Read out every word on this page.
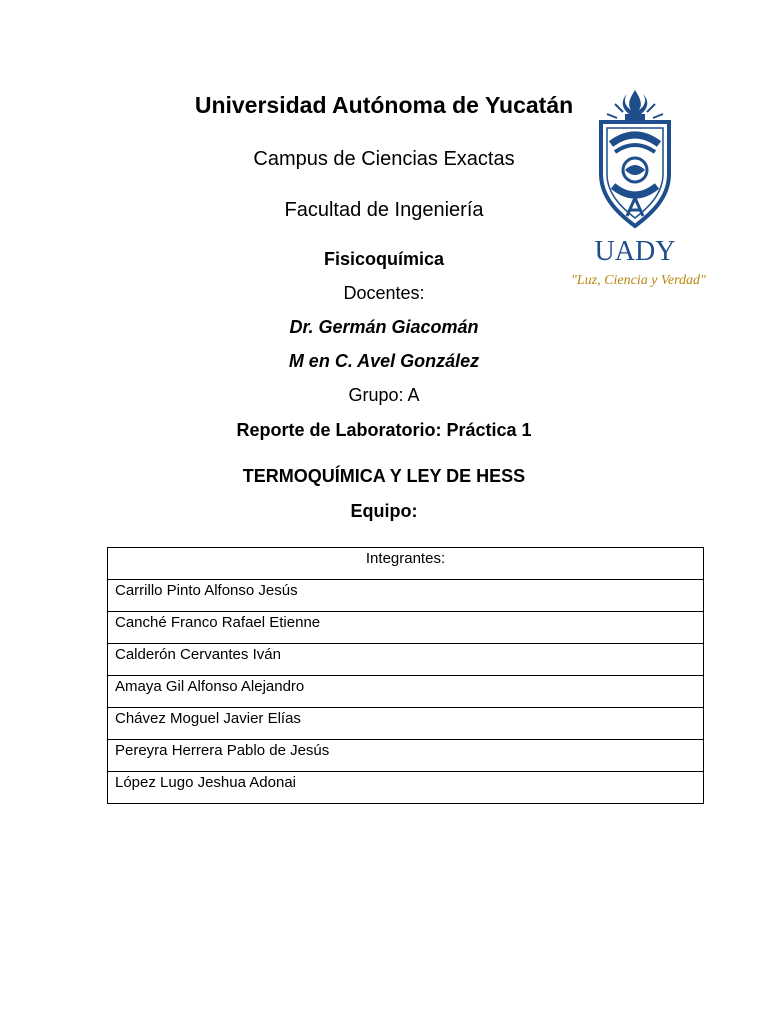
Universidad Autónoma de Yucatán
Campus de Ciencias Exactas
Facultad de Ingeniería
Fisicoquímica
Docentes:
Dr. Germán Giacomán
M en C. Avel González
Grupo: A
Reporte de Laboratorio: Práctica 1
TERMOQUÍMICA Y LEY DE HESS
Equipo:
UADY
"Luz, Ciencia y Verdad"
Integrantes:
Carrillo Pinto Alfonso Jesús
Canché Franco Rafael Etienne
Calderón Cervantes Iván
Amaya Gil Alfonso Alejandro
Chávez Moguel Javier Elías
Pereyra Herrera Pablo de Jesús
López Lugo Jeshua Adonai
